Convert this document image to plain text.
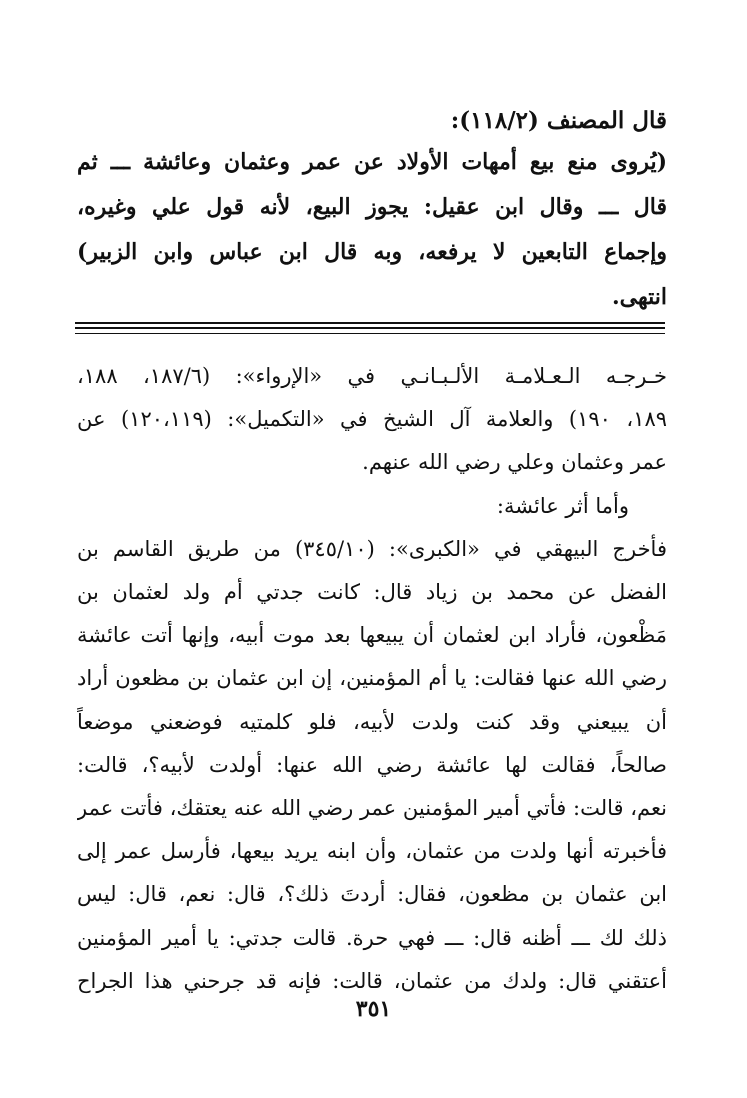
قال المصنف (١١٨/٢):
(يُروى منع بيع أمهات الأولاد عن عمر وعثمان وعائشة ـــ ثم
قال ـــ وقال ابن عقيل: يجوز البيع، لأنه قول علي وغيره،
وإجماع التابعين لا يرفعه، وبه قال ابن عباس وابن الزبير)
انتهى.
خـرجـه الـعـلامـة الألـبـانـي في «الإرواء»: (١٨٧/٦، ١٨٨،
١٨٩، ١٩٠) والعلامة آل الشيخ في «التكميل»: (١٢٠،١١٩) عن
عمر وعثمان وعلي رضي الله عنهم.
وأما أثر عائشة:
فأخرج البيهقي في «الكبرى»: (٣٤٥/١٠) من طريق القاسم بن
الفضل عن محمد بن زياد قال: كانت جدتي أم ولد لعثمان بن
مَظْعون، فأراد ابن لعثمان أن يبيعها بعد موت أبيه، وإنها أتت عائشة
رضي الله عنها فقالت: يا أم المؤمنين، إن ابن عثمان بن مظعون أراد
أن يبيعني وقد كنت ولدت لأبيه، فلو كلمتيه فوضعني موضعاً
صالحاً، فقالت لها عائشة رضي الله عنها: أولدت لأبيه؟، قالت:
نعم، قالت: فأتي أمير المؤمنين عمر رضي الله عنه يعتقك، فأتت عمر
فأخبرته أنها ولدت من عثمان، وأن ابنه يريد بيعها، فأرسل عمر إلى
ابن عثمان بن مظعون، فقال: أردتَ ذلك؟، قال: نعم، قال: ليس
ذلك لك ـــ أظنه قال: ـــ فهي حرة. قالت جدتي: يا أمير المؤمنين
أعتقني قال: ولدك من عثمان، قالت: فإنه قد جرحني هذا الجراح
٣٥١
